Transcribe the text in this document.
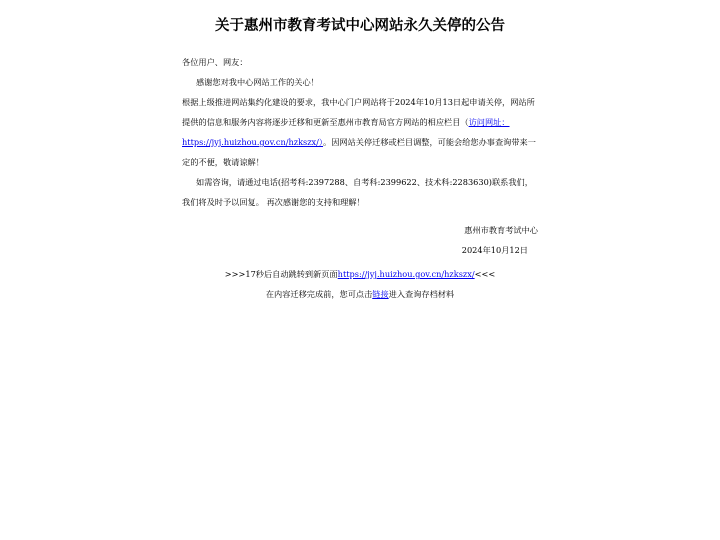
关于惠州市教育考试中心网站永久关停的公告

各位用户、网友：

感谢您对我中心网站工作的关心！

根据上级推进网站集约化建设的要求，我中心门户网站将于2024年10月13日起申请关停，网站所提供的信息和服务内容将逐步迁移和更新至惠州市教育局官方网站的相应栏目（访问网址：https://jyj.huizhou.gov.cn/hzkszx/）。因网站关停迁移或栏目调整，可能会给您办事查询带来一定的不便，敬请谅解！

如需咨询，请通过电话(招考科:2397288、自考科:2399622、技术科:2283630)联系我们，我们将及时予以回复。 再次感谢您的支持和理解！

惠州市教育考试中心

2024年10月12日

>>>17秒后自动跳转到新页面https://jyj.huizhou.gov.cn/hzkszx/<<<
在内容迁移完成前，您可点击链接进入查询存档材料
